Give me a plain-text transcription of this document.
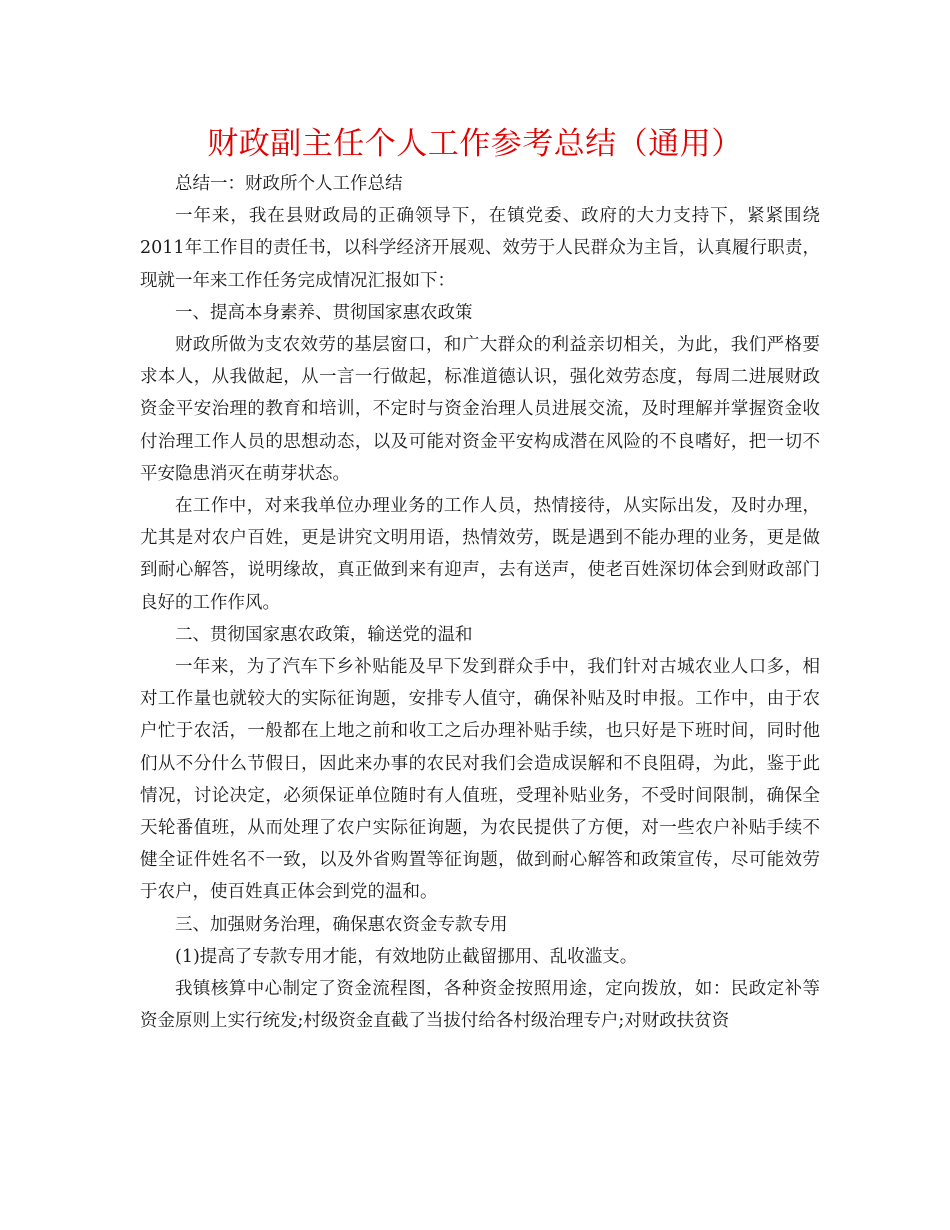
财政副主任个人工作参考总结（通用）

总结一：财政所个人工作总结

一年来，我在县财政局的正确领导下，在镇党委、政府的大力支持下，紧紧围绕2011年工作目的责任书，以科学经济开展观、效劳于人民群众为主旨，认真履行职责，现就一年来工作任务完成情况汇报如下：

一、提高本身素养、贯彻国家惠农政策

财政所做为支农效劳的基层窗口，和广大群众的利益亲切相关，为此，我们严格要求本人，从我做起，从一言一行做起，标准道德认识，强化效劳态度，每周二进展财政资金平安治理的教育和培训，不定时与资金治理人员进展交流，及时理解并掌握资金收付治理工作人员的思想动态，以及可能对资金平安构成潜在风险的不良嗜好，把一切不平安隐患消灭在萌芽状态。

在工作中，对来我单位办理业务的工作人员，热情接待，从实际出发，及时办理，尤其是对农户百姓，更是讲究文明用语，热情效劳，既是遇到不能办理的业务，更是做到耐心解答，说明缘故，真正做到来有迎声，去有送声，使老百姓深切体会到财政部门良好的工作作风。

二、贯彻国家惠农政策，输送党的温和

一年来，为了汽车下乡补贴能及早下发到群众手中，我们针对古城农业人口多，相对工作量也就较大的实际征询题，安排专人值守，确保补贴及时申报。工作中，由于农户忙于农活，一般都在上地之前和收工之后办理补贴手续，也只好是下班时间，同时他们从不分什么节假日，因此来办事的农民对我们会造成误解和不良阻碍，为此，鉴于此情况，讨论决定，必须保证单位随时有人值班，受理补贴业务，不受时间限制，确保全天轮番值班，从而处理了农户实际征询题，为农民提供了方便，对一些农户补贴手续不健全证件姓名不一致，以及外省购置等征询题，做到耐心解答和政策宣传，尽可能效劳于农户，使百姓真正体会到党的温和。

三、加强财务治理，确保惠农资金专款专用

(1)提高了专款专用才能，有效地防止截留挪用、乱收滥支。

我镇核算中心制定了资金流程图，各种资金按照用途，定向拨放，如：民政定补等资金原则上实行统发;村级资金直截了当拔付给各村级治理专户;对财政扶贫资
